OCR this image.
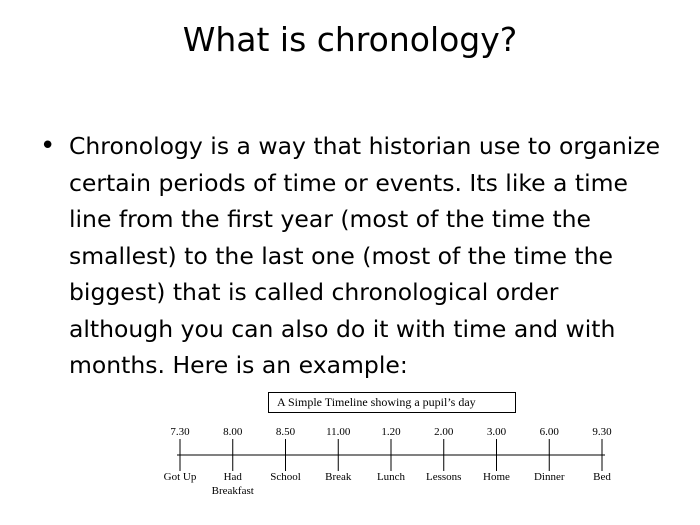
What is chronology?
• Chronology is a way that historian use to organize certain periods of time or events. Its like a time line from the first year (most of the time the smallest) to the last one (most of the time the biggest) that is called chronological order although you can also do it with time and with months. Here is an example:
7.30
Got Up
8.00
Had Breakfast
8.50
School
11.00
Break
1.20
Lunch
2.00
Lessons
3.00
Home
6.00
Dinner
9.30
Bed
A Simple Timeline showing a pupil’s day
